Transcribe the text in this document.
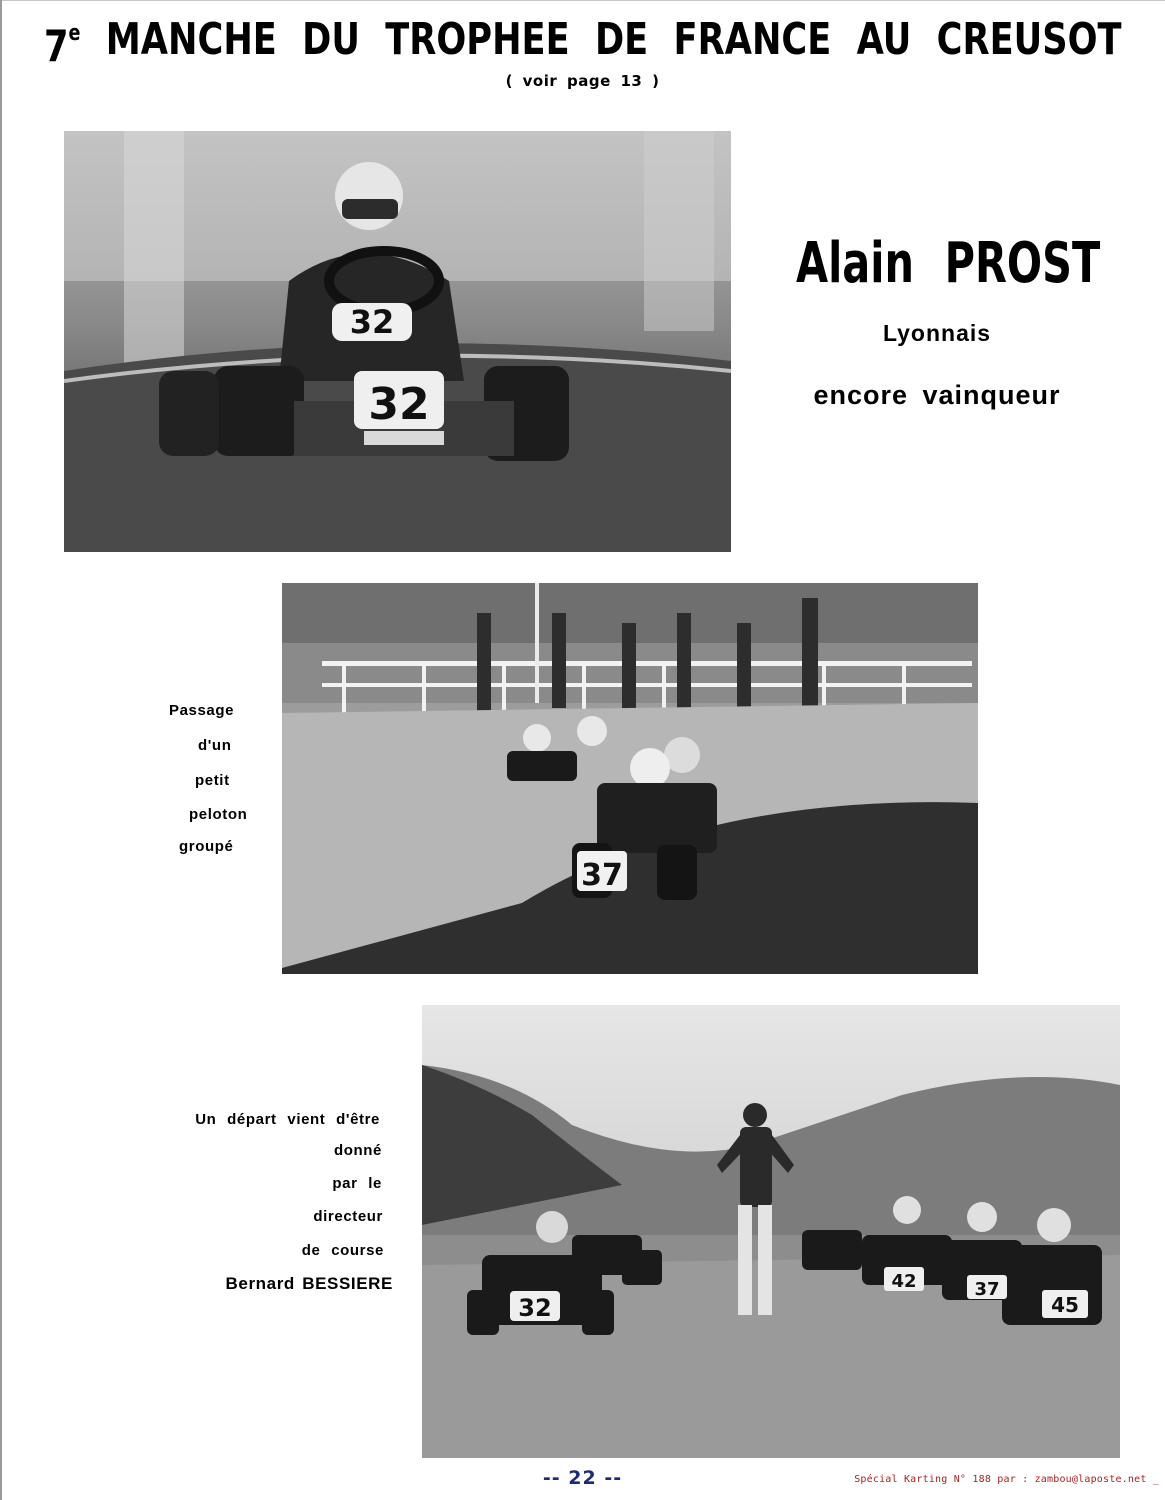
7e MANCHE DU TROPHEE DE FRANCE AU CREUSOT
( voir page 13 )
32
32
Alain PROST
Lyonnais
encore vainqueur
37
Passage
d'un
petit
peloton
groupé
32
42	37
45
Un départ vient d'être
donné
par le
directeur
de course
Bernard BESSIERE
-- 22 --	Spécial Karting N° 188 par : zambou@laposte.net _
